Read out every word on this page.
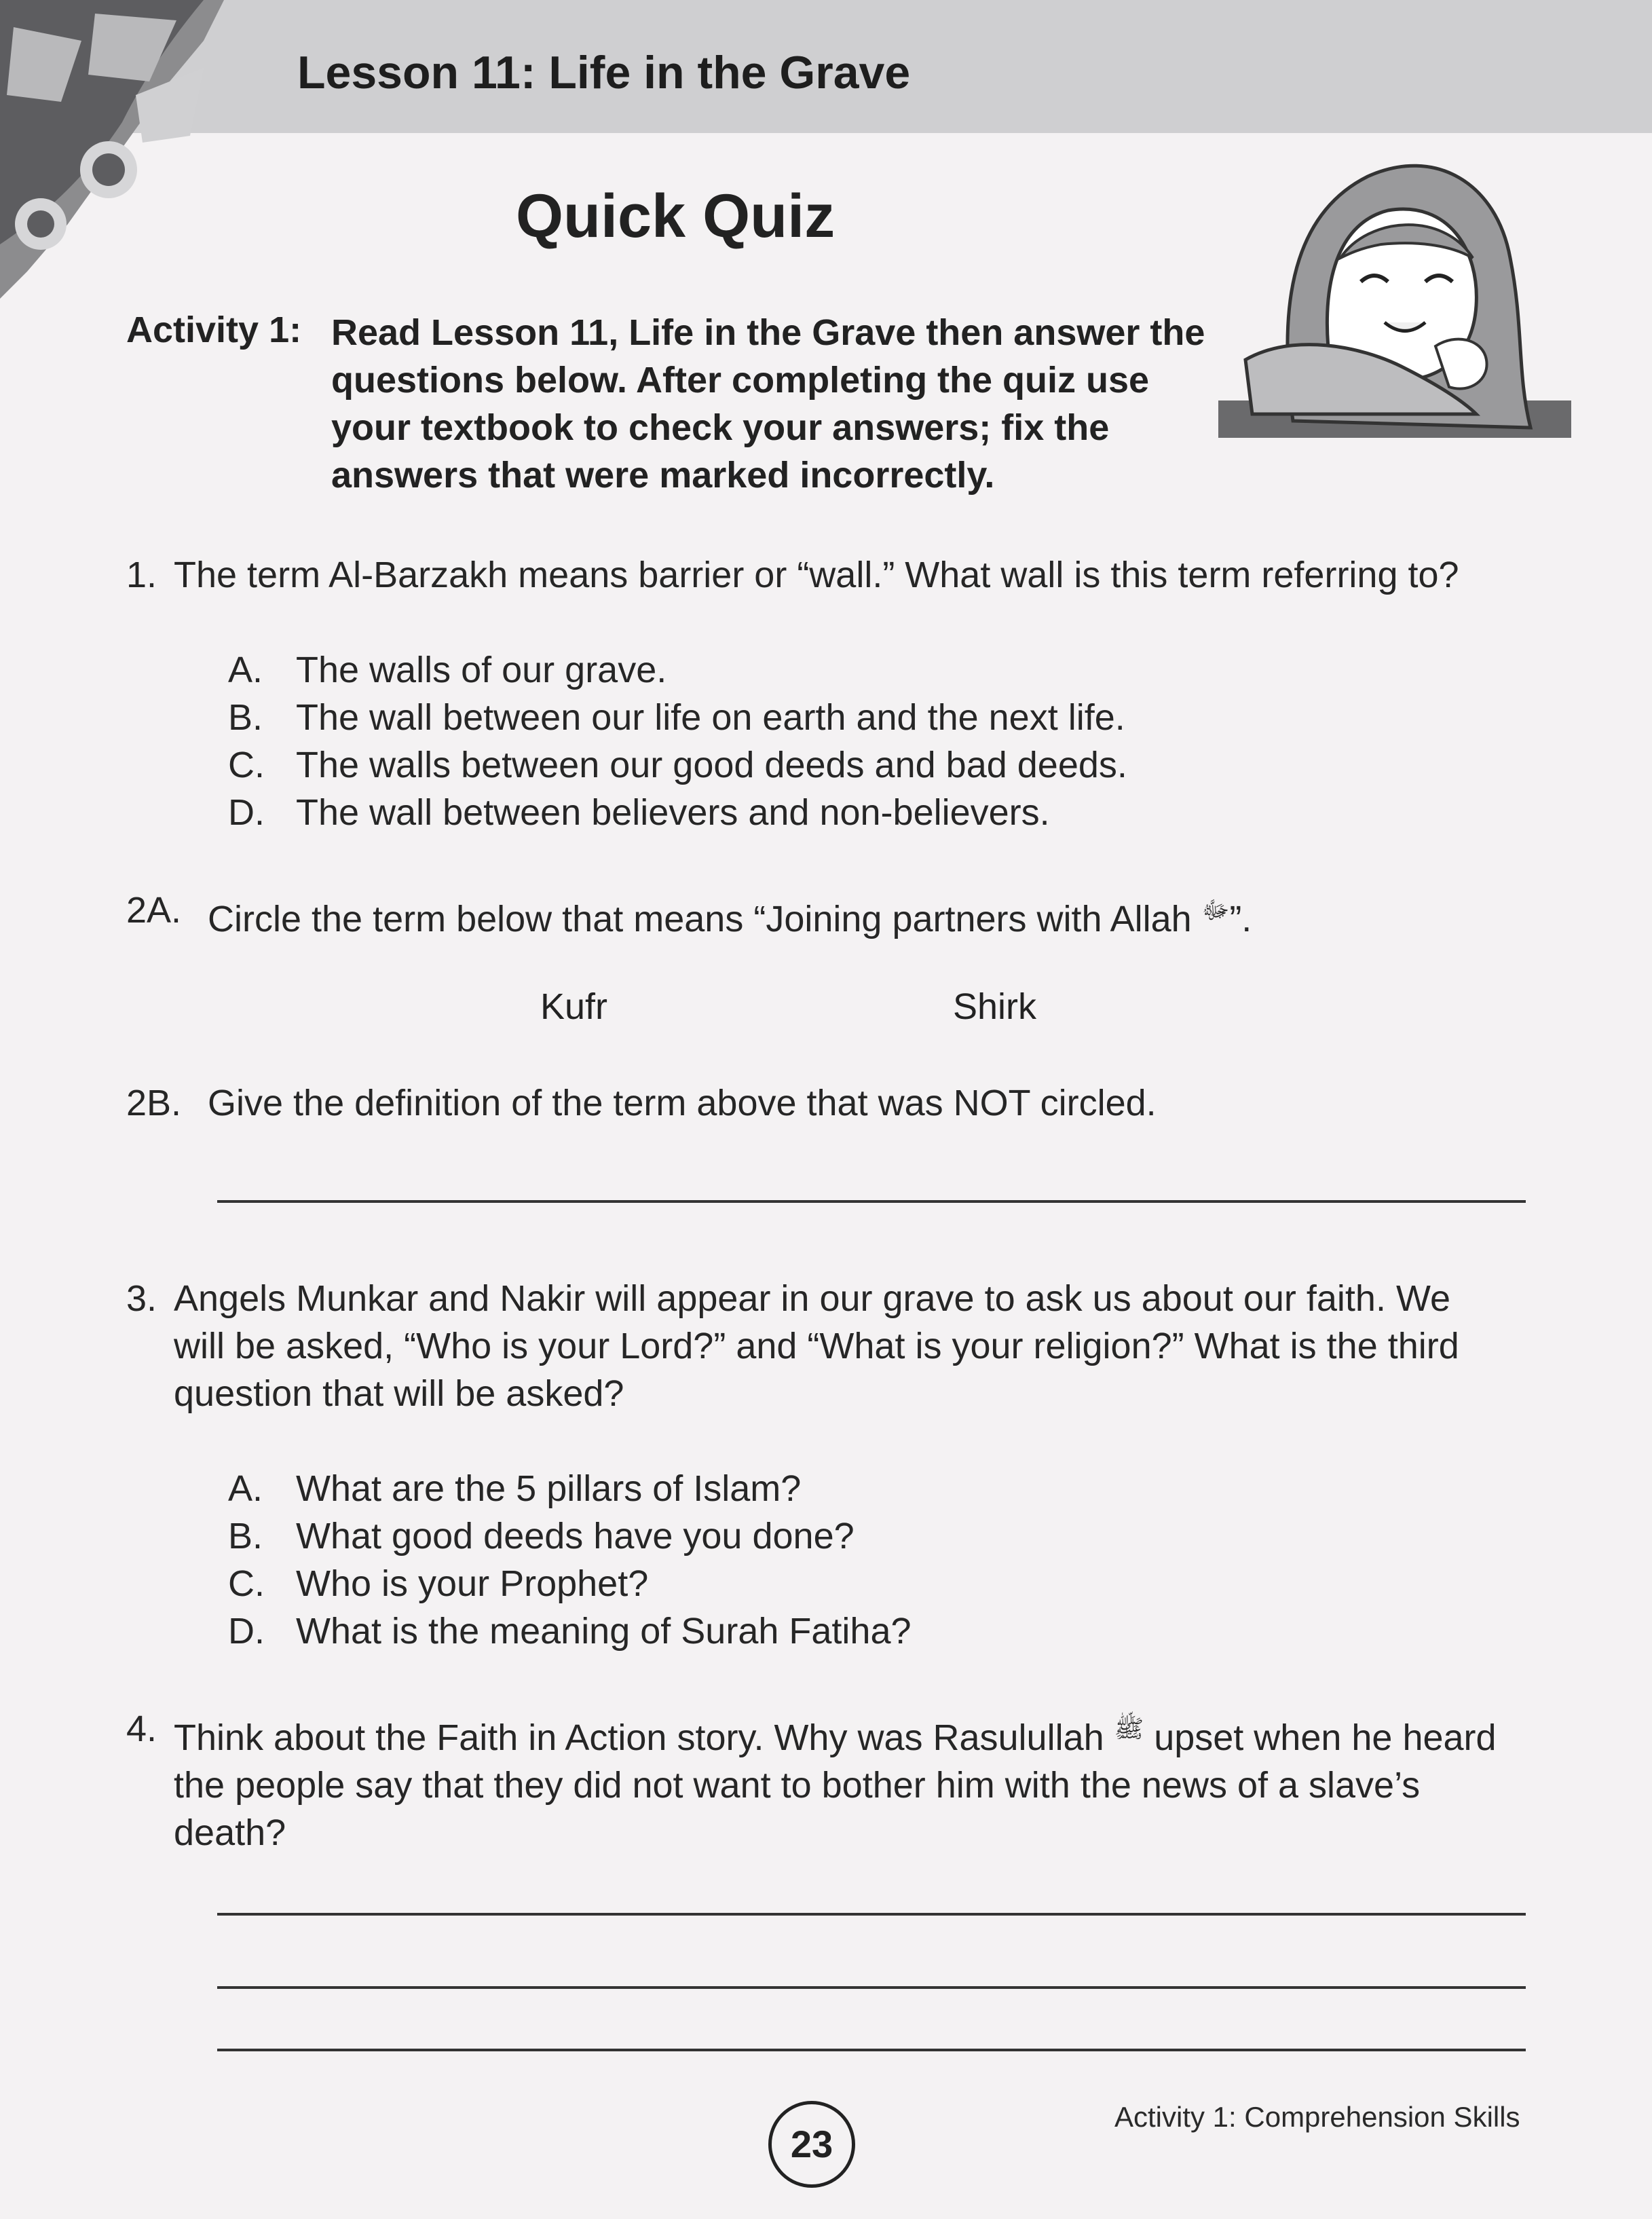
Lesson 11: Life in the Grave
Quick Quiz
Activity 1: Read Lesson 11, Life in the Grave then answer the questions below. After completing the quiz use your textbook to check your answers; fix the answers that were marked incorrectly.
1. The term Al-Barzakh means barrier or “wall.” What wall is this term referring to?
A. The walls of our grave.
B. The wall between our life on earth and the next life.
C. The walls between our good deeds and bad deeds.
D. The wall between believers and non-believers.
2A. Circle the term below that means “Joining partners with Allah $^ﷻ$”.
Kufr	Shirk
2B. Give the definition of the term above that was NOT circled.
3. Angels Munkar and Nakir will appear in our grave to ask us about our faith. We will be asked, “Who is your Lord?” and “What is your religion?” What is the third question that will be asked?
A. What are the 5 pillars of Islam?
B. What good deeds have you done?
C. Who is your Prophet?
D. What is the meaning of Surah Fatiha?
4. Think about the Faith in Action story. Why was Rasulullah $^ﷺ$ upset when he heard the people say that they did not want to bother him with the news of a slave’s death?
23
Activity 1: Comprehension Skills
